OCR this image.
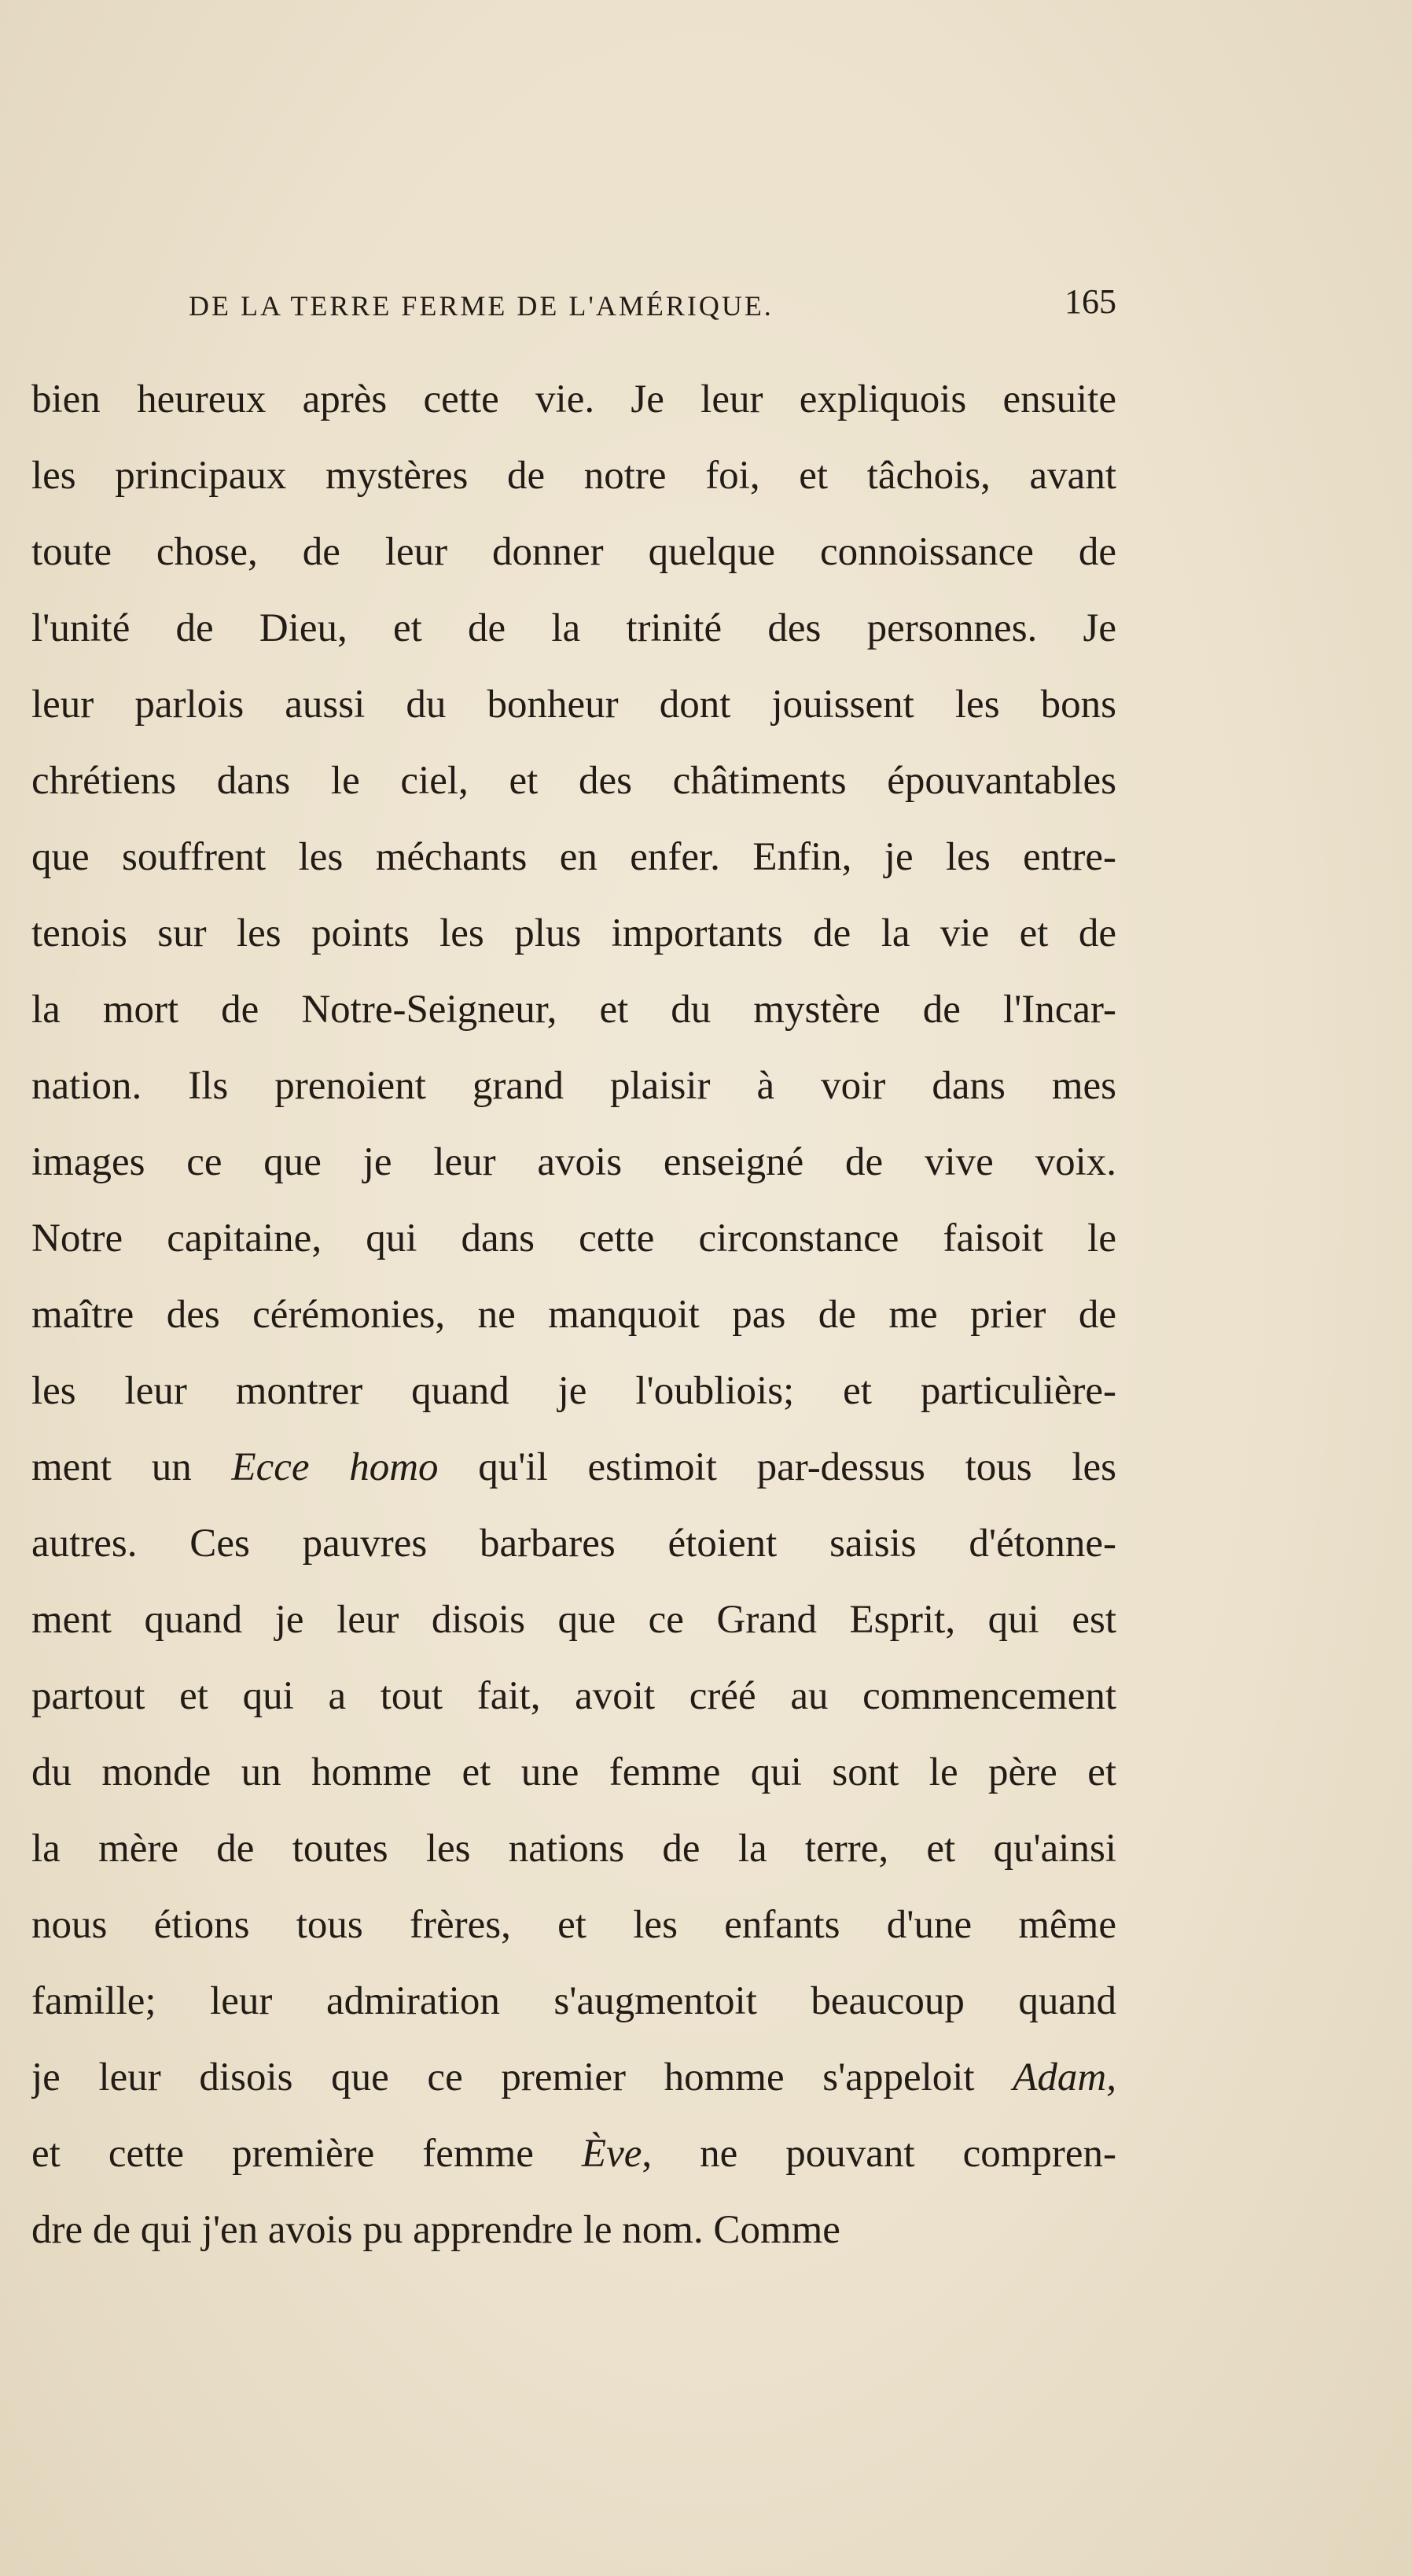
DE LA TERRE FERME DE L'AMÉRIQUE.	165
bien heureux après cette vie. Je leur expliquois ensuite
les principaux mystères de notre foi, et tâchois, avant
toute chose, de leur donner quelque connoissance de
l'unité de Dieu, et de la trinité des personnes. Je
leur parlois aussi du bonheur dont jouissent les bons
chrétiens dans le ciel, et des châtiments épouvantables
que souffrent les méchants en enfer. Enfin, je les entre-
tenois sur les points les plus importants de la vie et de
la mort de Notre-Seigneur, et du mystère de l'Incar-
nation. Ils prenoient grand plaisir à voir dans mes
images ce que je leur avois enseigné de vive voix.
Notre capitaine, qui dans cette circonstance faisoit le
maître des cérémonies, ne manquoit pas de me prier de
les leur montrer quand je l'oubliois; et particulière-
ment un Ecce homo qu'il estimoit par-dessus tous les
autres. Ces pauvres barbares étoient saisis d'étonne-
ment quand je leur disois que ce Grand Esprit, qui est
partout et qui a tout fait, avoit créé au commencement
du monde un homme et une femme qui sont le père et
la mère de toutes les nations de la terre, et qu'ainsi
nous étions tous frères, et les enfants d'une même
famille; leur admiration s'augmentoit beaucoup quand
je leur disois que ce premier homme s'appeloit Adam,
et cette première femme Ève, ne pouvant compren-
dre de qui j'en avois pu apprendre le nom. Comme
